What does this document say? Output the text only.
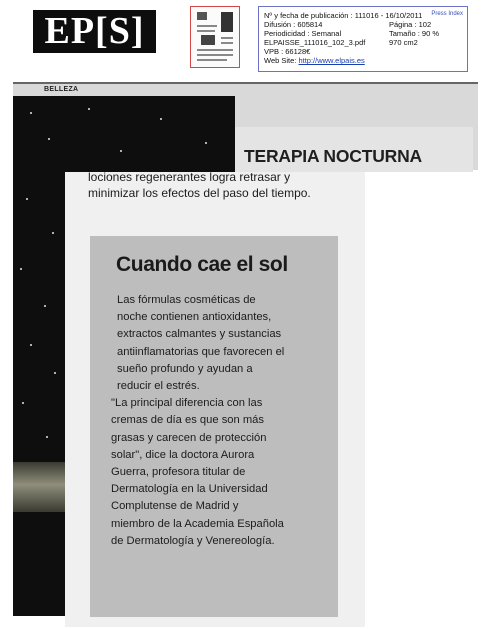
EP[S]	Press Index
Nº y fecha de publicación : 111016 - 16/10/2011
Difusión : 605814	Página : 102
Periodicidad : Semanal	Tamaño : 90 %
ELPAISSE_111016_102_3.pdf	970 cm2
VPB : 66128€
Web Site: http://www.elpais.es
BELLEZA
TERAPIA NOCTURNA
lociones regenerantes logra retrasar y
minimizar los efectos del paso del tiempo.
Cuando cae el sol

Las fórmulas cosméticas de
noche contienen antioxidantes,
extractos calmantes y sustancias
antiinflamatorias que favorecen el
sueño profundo y ayudan a
reducir el estrés.

"La principal diferencia con las
cremas de día es que son más
grasas y carecen de protección
solar", dice la doctora Aurora
Guerra, profesora titular de
Dermatología en la Universidad
Complutense de Madrid y
miembro de la Academia Española
de Dermatología y Venereología.
